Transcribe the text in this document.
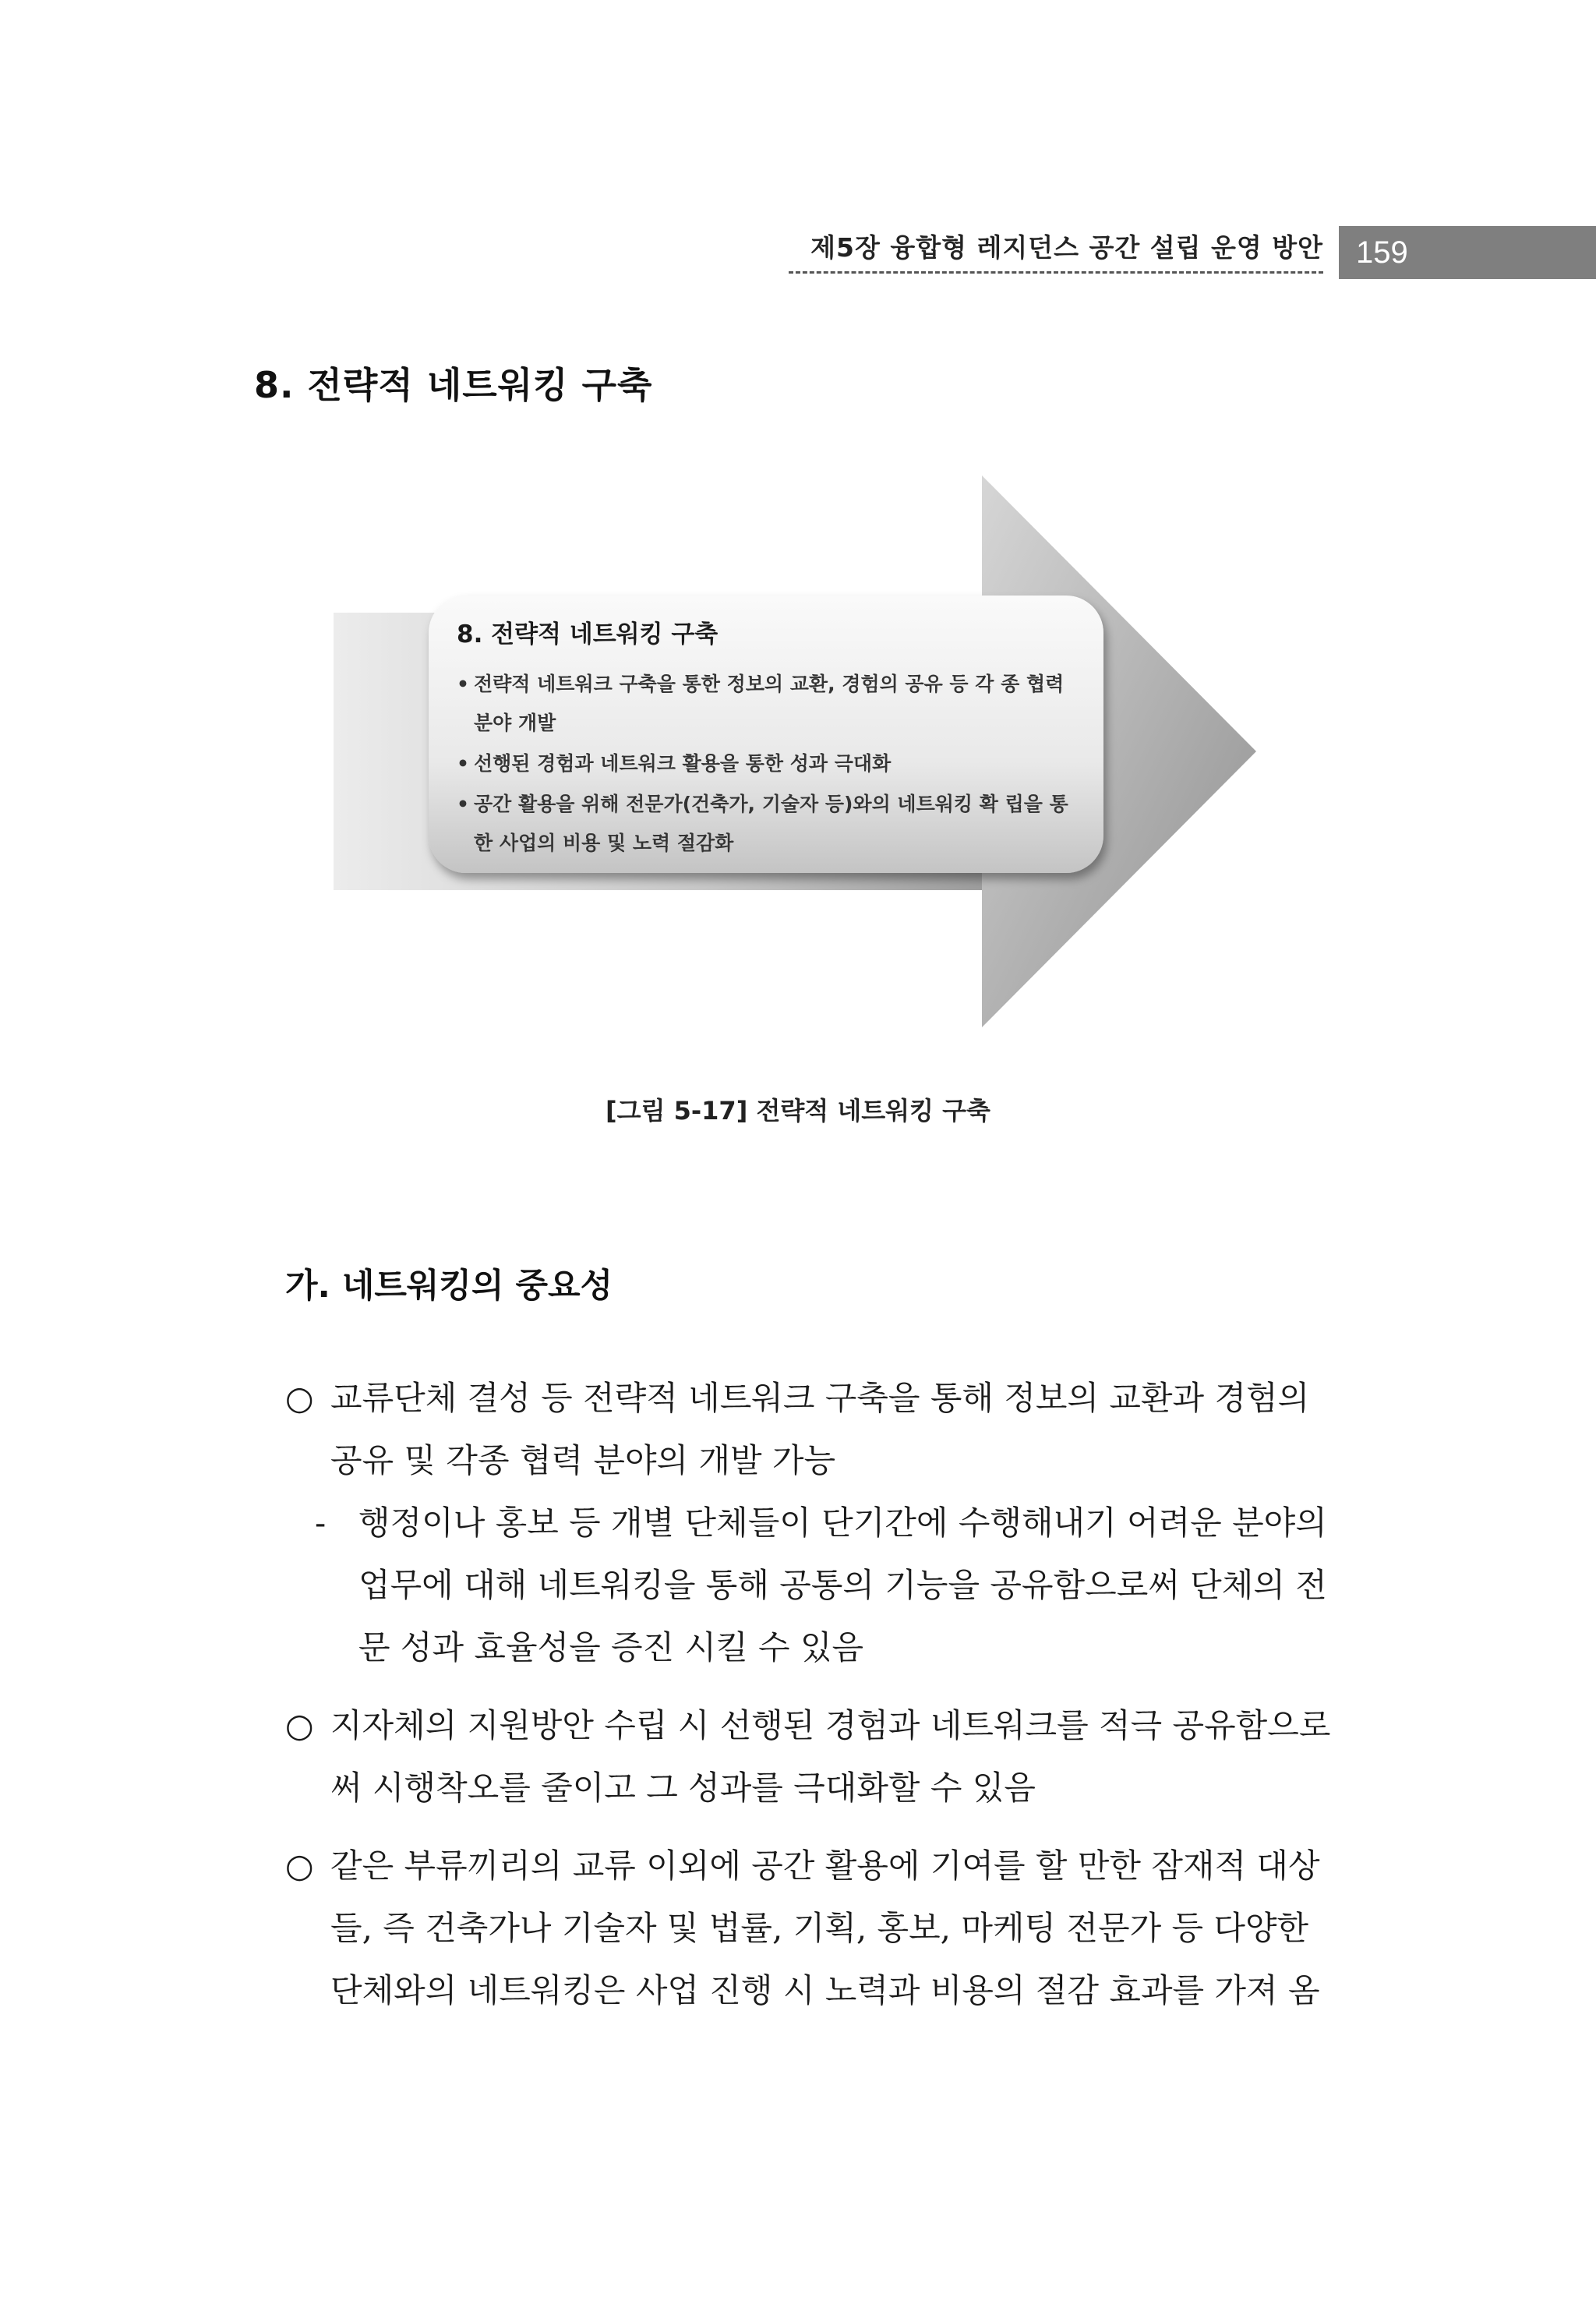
제5장 융합형 레지던스 공간 설립 운영 방안	159
8. 전략적 네트워킹 구축
8. 전략적 네트워킹 구축
• 전략적 네트워크 구축을 통한 정보의 교환, 경험의 공유 등 각 종 협력 분야 개발
• 선행된 경험과 네트워크 활용을 통한 성과 극대화
• 공간 활용을 위해 전문가(건축가, 기술자 등)와의 네트워킹 확 립을 통한 사업의 비용 및 노력 절감화
[그림 5-17] 전략적 네트워킹 구축
가. 네트워킹의 중요성

○ 교류단체 결성 등 전략적 네트워크 구축을 통해 정보의 교환과 경험의 공유 및 각종 협력 분야의 개발 가능

- 행정이나 홍보 등 개별 단체들이 단기간에 수행해내기 어려운 분야의 업무에 대해 네트워킹을 통해 공통의 기능을 공유함으로써 단체의 전문 성과 효율성을 증진 시킬 수 있음

○ 지자체의 지원방안 수립 시 선행된 경험과 네트워크를 적극 공유함으로써 시행착오를 줄이고 그 성과를 극대화할 수 있음

○ 같은 부류끼리의 교류 이외에 공간 활용에 기여를 할 만한 잠재적 대상들, 즉 건축가나 기술자 및 법률, 기획, 홍보, 마케팅 전문가 등 다양한 단체와의 네트워킹은 사업 진행 시 노력과 비용의 절감 효과를 가져 옴
